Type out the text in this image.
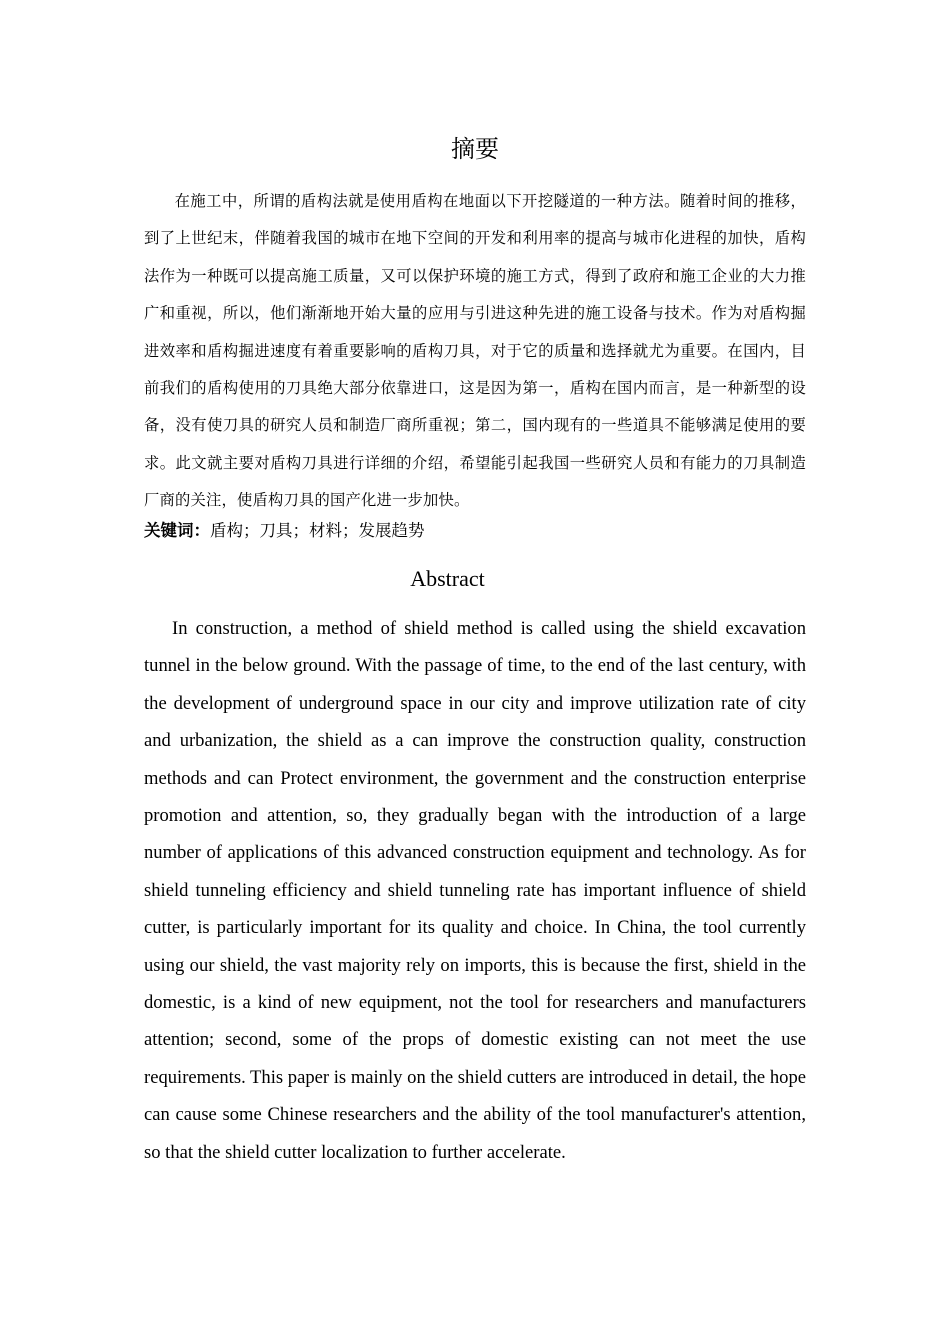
摘要

在施工中，所谓的盾构法就是使用盾构在地面以下开挖隧道的一种方法。随着时间的推移，到了上世纪末，伴随着我国的城市在地下空间的开发和利用率的提高与城市化进程的加快，盾构法作为一种既可以提高施工质量，又可以保护环境的施工方式，得到了政府和施工企业的大力推广和重视，所以，他们渐渐地开始大量的应用与引进这种先进的施工设备与技术。作为对盾构掘进效率和盾构掘进速度有着重要影响的盾构刀具，对于它的质量和选择就尤为重要。在国内，目前我们的盾构使用的刀具绝大部分依靠进口，这是因为第一，盾构在国内而言，是一种新型的设备，没有使刀具的研究人员和制造厂商所重视；第二，国内现有的一些道具不能够满足使用的要求。此文就主要对盾构刀具进行详细的介绍，希望能引起我国一些研究人员和有能力的刀具制造厂商的关注，使盾构刀具的国产化进一步加快。

关键词：盾构；刀具；材料；发展趋势

Abstract

In construction, a method of shield method is called using the shield excavation tunnel in the below ground. With the passage of time, to the end of the last century, with the development of underground space in our city and improve utilization rate of city and urbanization, the shield as a can improve the construction quality, construction methods and can Protect environment, the government and the construction enterprise promotion and attention, so, they gradually began with the introduction of a large number of applications of this advanced construction equipment and technology. As for shield tunneling efficiency and shield tunneling rate has important influence of shield cutter, is particularly important for its quality and choice. In China, the tool currently using our shield, the vast majority rely on imports, this is because the first, shield in the domestic, is a kind of new equipment, not the tool for researchers and manufacturers attention; second, some of the props of domestic existing can not meet the use requirements. This paper is mainly on the shield cutters are introduced in detail, the hope can cause some Chinese researchers and the ability of the tool manufacturer's attention, so that the shield cutter localization to further accelerate.
